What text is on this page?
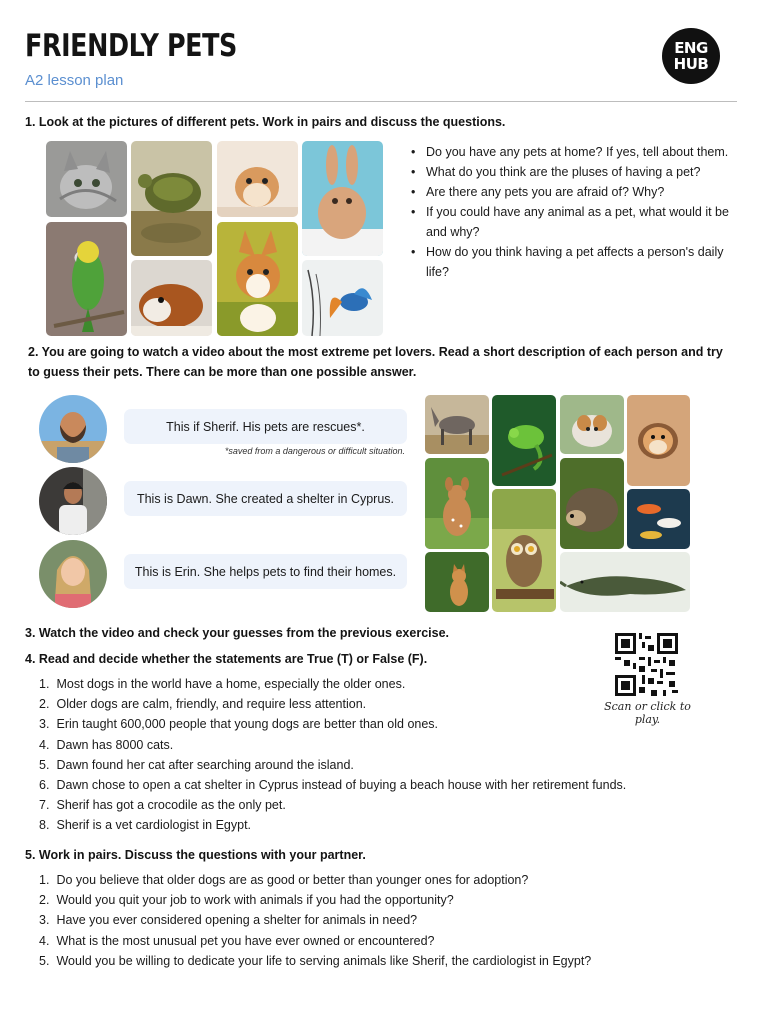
FRIENDLY PETS
A2 lesson plan
ENG
HUB
1. Look at the pictures of different pets. Work in pairs and discuss the questions.
• Do you have any pets at home? If yes, tell about them.
• What do you think are the pluses of having a pet?
• Are there any pets you are afraid of? Why?
• If you could have any animal as a pet, what would it be and why?
• How do you think having a pet affects a person's daily life?
2. You are going to watch a video about the most extreme pet lovers. Read a short description of each person and try to guess their pets. There can be more than one possible answer.
This if Sherif. His pets are rescues*.
*saved from a dangerous or difficult situation.
This is Dawn. She created a shelter in Cyprus.
This is Erin. She helps pets to find their homes.
3. Watch the video and check your guesses from the previous exercise.
4. Read and decide whether the statements are True (T) or False (F).
1. Most dogs in the world have a home, especially the older ones.
2. Older dogs are calm, friendly, and require less attention.
3. Erin taught 600,000 people that young dogs are better than old ones.
4. Dawn has 8000 cats.
5. Dawn found her cat after searching around the island.
6. Dawn chose to open a cat shelter in Cyprus instead of buying a beach house with her retirement funds.
7. Sherif has got a crocodile as the only pet.
8. Sherif is a vet cardiologist in Egypt.
Scan or click to play.
5. Work in pairs. Discuss the questions with your partner.
1. Do you believe that older dogs are as good or better than younger ones for adoption?
2. Would you quit your job to work with animals if you had the opportunity?
3. Have you ever considered opening a shelter for animals in need?
4. What is the most unusual pet you have ever owned or encountered?
5. Would you be willing to dedicate your life to serving animals like Sherif, the cardiologist in Egypt?
